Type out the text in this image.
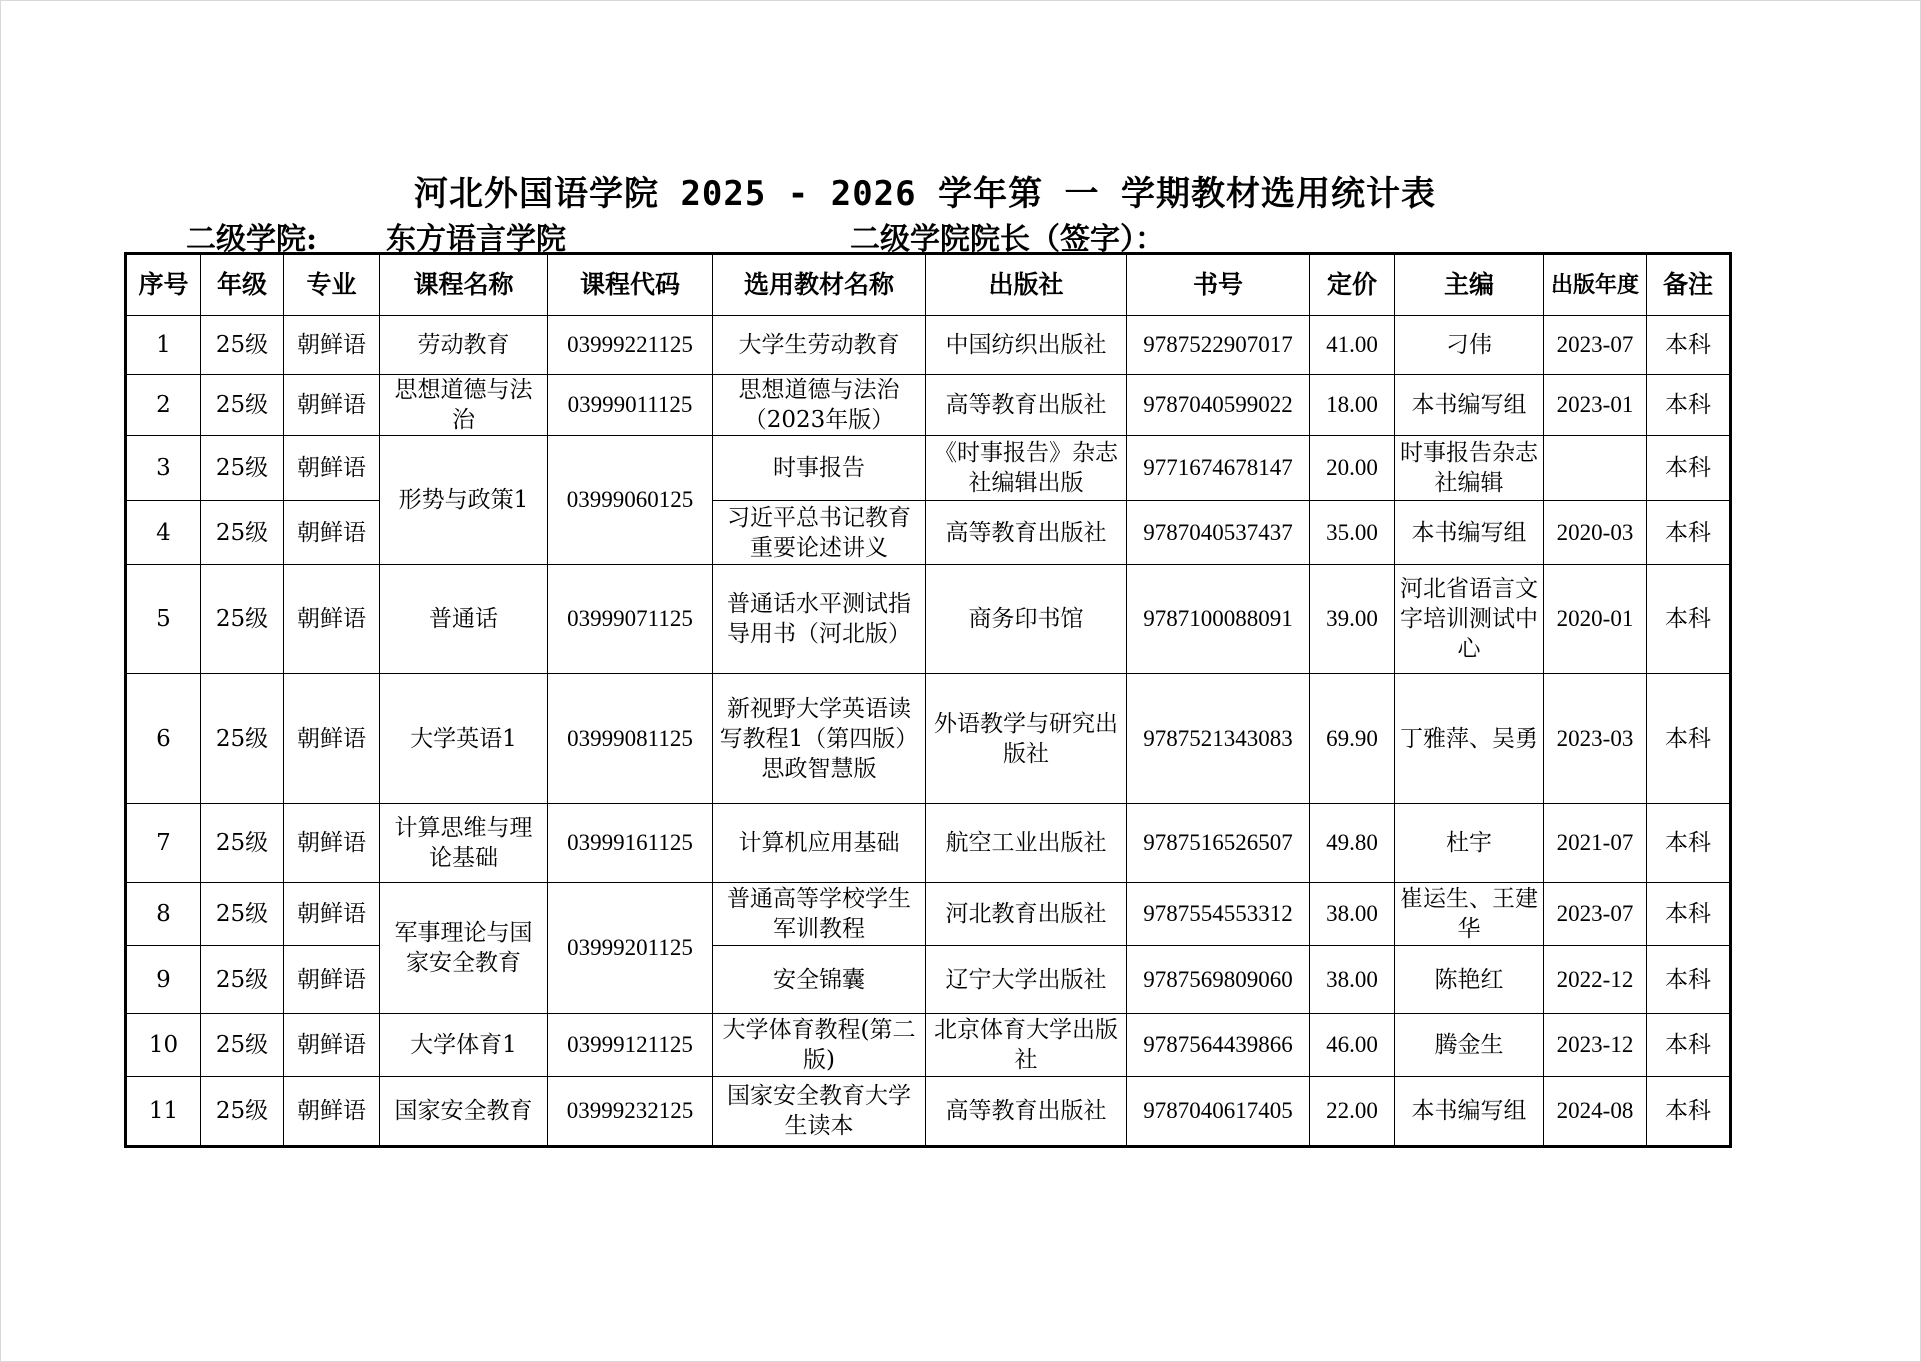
河北外国语学院 2025 - 2026 学年第 一 学期教材选用统计表
二级学院: 东方语言学院	二级学院院长（签字）：
序号	年级	专业	课程名称	课程代码	选用教材名称	出版社	书号	定价	主编	出版年度	备注
1	25级	朝鲜语	劳动教育	03999221125	大学生劳动教育	中国纺织出版社	9787522907017	41.00	刁伟	2023-07	本科
2	25级	朝鲜语	思想道德与法治	03999011125	思想道德与法治（2023年版）	高等教育出版社	9787040599022	18.00	本书编写组	2023-01	本科
3	25级	朝鲜语	形势与政策1	03999060125	时事报告	《时事报告》杂志社编辑出版	9771674678147	20.00	时事报告杂志社编辑		本科
4	25级	朝鲜语			习近平总书记教育重要论述讲义	高等教育出版社	9787040537437	35.00	本书编写组	2020-03	本科
5	25级	朝鲜语	普通话	03999071125	普通话水平测试指导用书（河北版）	商务印书馆	9787100088091	39.00	河北省语言文字培训测试中心	2020-01	本科
6	25级	朝鲜语	大学英语1	03999081125	新视野大学英语读写教程1（第四版）思政智慧版	外语教学与研究出版社	9787521343083	69.90	丁雅萍、吴勇	2023-03	本科
7	25级	朝鲜语	计算思维与理论基础	03999161125	计算机应用基础	航空工业出版社	9787516526507	49.80	杜宇	2021-07	本科
8	25级	朝鲜语	军事理论与国家安全教育	03999201125	普通高等学校学生军训教程	河北教育出版社	9787554553312	38.00	崔运生、王建华	2023-07	本科
9	25级	朝鲜语			安全锦囊	辽宁大学出版社	9787569809060	38.00	陈艳红	2022-12	本科
10	25级	朝鲜语	大学体育1	03999121125	大学体育教程(第二版)	北京体育大学出版社	9787564439866	46.00	腾金生	2023-12	本科
11	25级	朝鲜语	国家安全教育	03999232125	国家安全教育大学生读本	高等教育出版社	9787040617405	22.00	本书编写组	2024-08	本科
